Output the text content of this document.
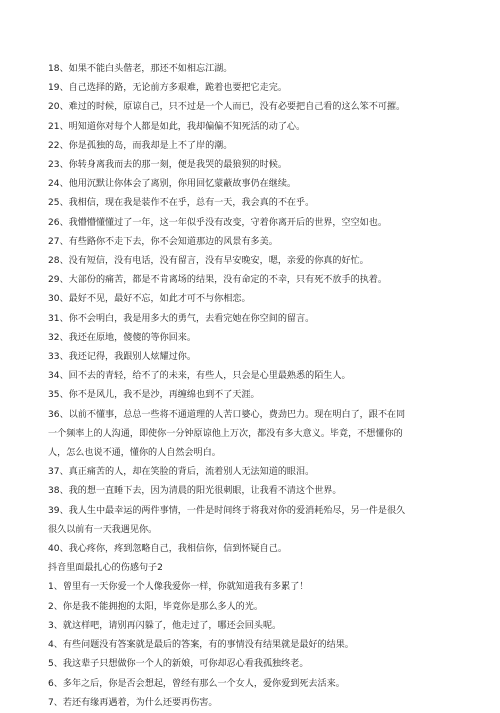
18、如果不能白头偕老，那还不如相忘江湖。
19、自己选择的路，无论前方多艰难，跪着也要把它走完。
20、难过的时候，原谅自己，只不过是一个人而已，没有必要把自己看的这么笨不可摧。
21、明知道你对每个人都是如此，我却偏偏不知死活的动了心。
22、你是孤独的岛，而我却是上不了岸的潮。
23、你转身离我而去的那一刻，便是我哭的最狼狈的时候。
24、他用沉默让你体会了离别，你用回忆蒙蔽故事仍在继续。
25、我相信，现在我是装作不在乎，总有一天，我会真的不在乎。
26、我懵懵懂懂过了一年，这一年似乎没有改变，守着你离开后的世界，空空如也。
27、有些路你不走下去，你不会知道那边的风景有多美。
28、没有短信，没有电话，没有留言，没有早安晚安，嗯，亲爱的你真的好忙。
29、大部份的痛苦，都是不肯离场的结果，没有命定的不幸，只有死不放手的执着。
30、最好不见，最好不忘，如此才可不与你相恋。
31、你不会明白，我是用多大的勇气，去看完她在你空间的留言。
32、我还在原地，傻傻的等你回来。
33、我还记得，我跟别人炫耀过你。
34、回不去的青轻，给不了的未来，有些人，只会是心里最熟悉的陌生人。
35、你不是风儿，我不是沙，再缠绵也到不了天涯。
36、以前不懂事，总总一些将不通道理的人苦口婆心，费劲巴力。现在明白了，跟不在同
一个频率上的人沟通，即使你一分钟原谅他上万次，都没有多大意义。毕竟，不想懂你的
人，怎么也说不通，懂你的人自然会明白。
37、真正痛苦的人，却在笑脸的背后，流着别人无法知道的眼泪。
38、我的想一直睡下去，因为清晨的阳光很刺眼，让我看不清这个世界。
39、我人生中最幸运的两件事情，一件是时间终于将我对你的爱消耗殆尽，另一件是很久
很久以前有一天我遇见你。
40、我心疼你，疼到忽略自己，我相信你，信到怀疑自己。
抖音里面最扎心的伤感句子2
1、曾里有一天你爱一个人像我爱你一样，你就知道我有多累了！
2、你是我不能拥抱的太阳，毕竟你是那么多人的光。
3、就这样吧，请别再闪躲了，他走过了，哪还会回头呢。
4、有些问题没有答案就是最后的答案，有的事情没有结果就是最好的结果。
5、我这辈子只想做你一个人的新娘，可你却忍心看我孤独终老。
6、多年之后，你是否会想起，曾经有那么一个女人，爱你爱到死去活来。
7、若还有缘再遇着，为什么还要再伤害。
